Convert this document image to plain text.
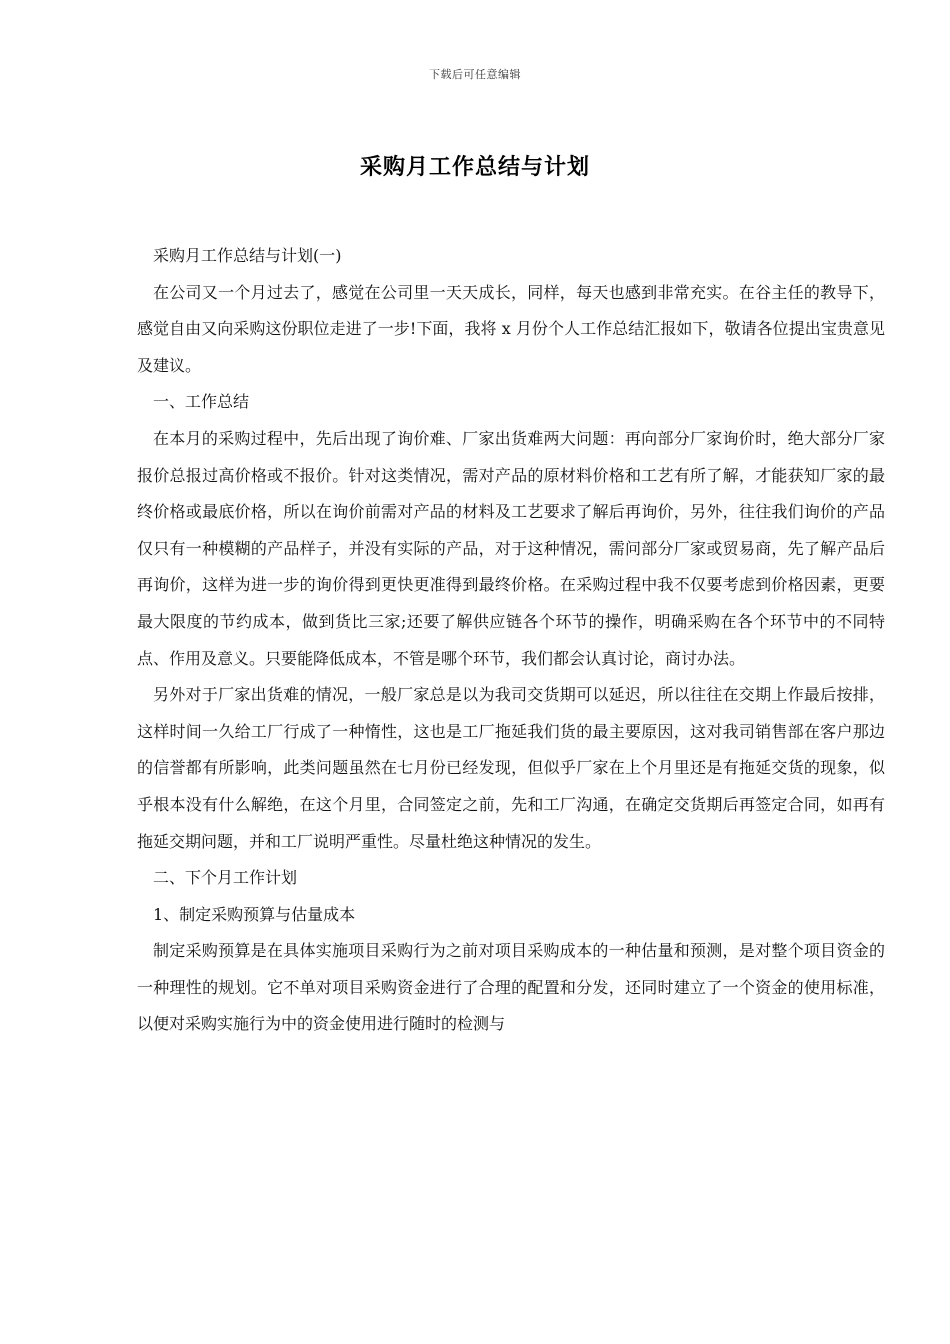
下载后可任意编辑
采购月工作总结与计划

采购月工作总结与计划(一)

在公司又一个月过去了，感觉在公司里一天天成长，同样，每天也感到非常充实。在谷主任的教导下，感觉自由又向采购这份职位走进了一步!下面，我将 x 月份个人工作总结汇报如下，敬请各位提出宝贵意见及建议。

一、工作总结

在本月的采购过程中，先后出现了询价难、厂家出货难两大问题：再向部分厂家询价时，绝大部分厂家报价总报过高价格或不报价。针对这类情况，需对产品的原材料价格和工艺有所了解，才能获知厂家的最终价格或最底价格，所以在询价前需对产品的材料及工艺要求了解后再询价，另外，往往我们询价的产品仅只有一种模糊的产品样子，并没有实际的产品，对于这种情况，需问部分厂家或贸易商，先了解产品后再询价，这样为进一步的询价得到更快更准得到最终价格。在采购过程中我不仅要考虑到价格因素，更要最大限度的节约成本，做到货比三家;还要了解供应链各个环节的操作，明确采购在各个环节中的不同特点、作用及意义。只要能降低成本，不管是哪个环节，我们都会认真讨论，商讨办法。

另外对于厂家出货难的情况，一般厂家总是以为我司交货期可以延迟，所以往往在交期上作最后按排，这样时间一久给工厂行成了一种惰性，这也是工厂拖延我们货的最主要原因，这对我司销售部在客户那边的信誉都有所影响，此类问题虽然在七月份已经发现，但似乎厂家在上个月里还是有拖延交货的现象，似乎根本没有什么解绝，在这个月里，合同签定之前，先和工厂沟通，在确定交货期后再签定合同，如再有拖延交期问题，并和工厂说明严重性。尽量杜绝这种情况的发生。

二、下个月工作计划

1、制定采购预算与估量成本

制定采购预算是在具体实施项目采购行为之前对项目采购成本的一种估量和预测，是对整个项目资金的一种理性的规划。它不单对项目采购资金进行了合理的配置和分发，还同时建立了一个资金的使用标准，以便对采购实施行为中的资金使用进行随时的检测与
